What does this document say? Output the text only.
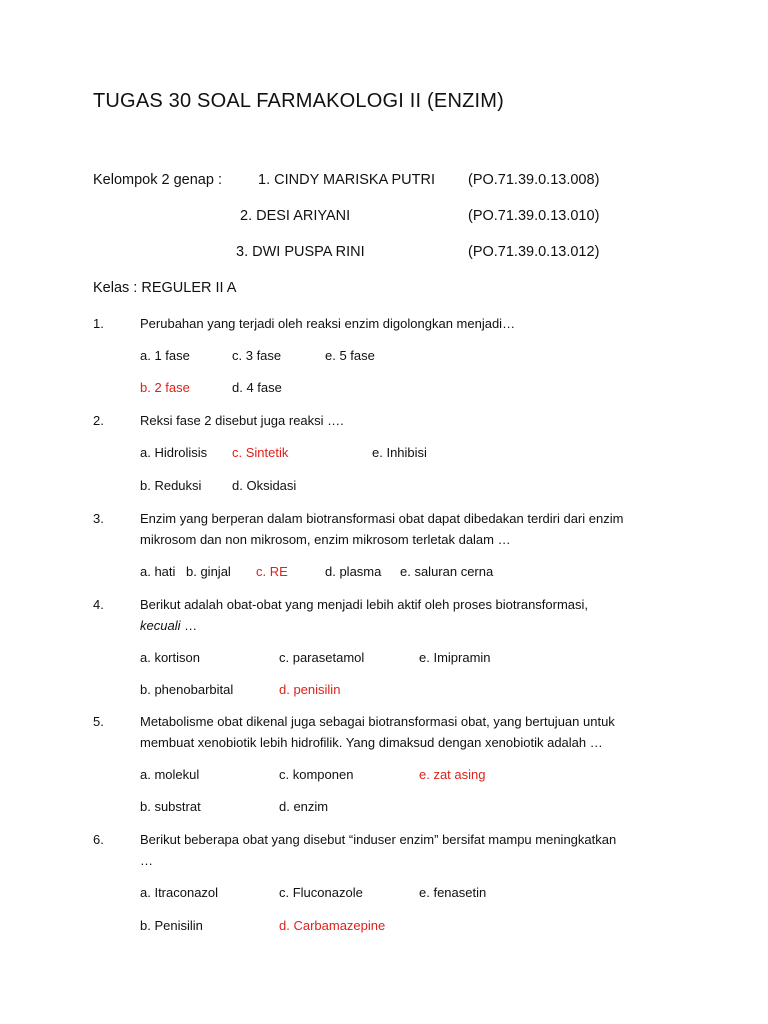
TUGAS 30 SOAL FARMAKOLOGI II (ENZIM)
Kelompok 2 genap : 1. CINDY MARISKA PUTRI (PO.71.39.0.13.008)
2. DESI ARIYANI	(PO.71.39.0.13.010)
3. DWI PUSPA RINI	(PO.71.39.0.13.012)
Kelas : REGULER II A
1.	Perubahan yang terjadi oleh reaksi enzim digolongkan menjadi…
a. 1 fase	c. 3 fase	e. 5 fase
b. 2 fase	d. 4 fase
2.	Reksi fase 2 disebut juga reaksi ….
a. Hidrolisis c. Sintetik	e. Inhibisi
b. Reduksi d. Oksidasi
3.	Enzim yang berperan dalam biotransformasi obat dapat dibedakan terdiri dari enzim
mikrosom dan non mikrosom, enzim mikrosom terletak dalam …
a. hati b. ginjal c. RE	d. plasma e. saluran cerna
4.	Berikut adalah obat-obat yang menjadi lebih aktif oleh proses biotransformasi,
kecuali …
a. kortison	c. parasetamol	e. Imipramin
b. phenobarbital	d. penisilin
5.	Metabolisme obat dikenal juga sebagai biotransformasi obat, yang bertujuan untuk
membuat xenobiotik lebih hidrofilik. Yang dimaksud dengan xenobiotik adalah …
a. molekul	c. komponen	e. zat asing
b. substrat	d. enzim
6.	Berikut beberapa obat yang disebut “induser enzim” bersifat mampu meningkatkan
…
a. Itraconazol	c. Fluconazole	e. fenasetin
b. Penisilin	d. Carbamazepine
